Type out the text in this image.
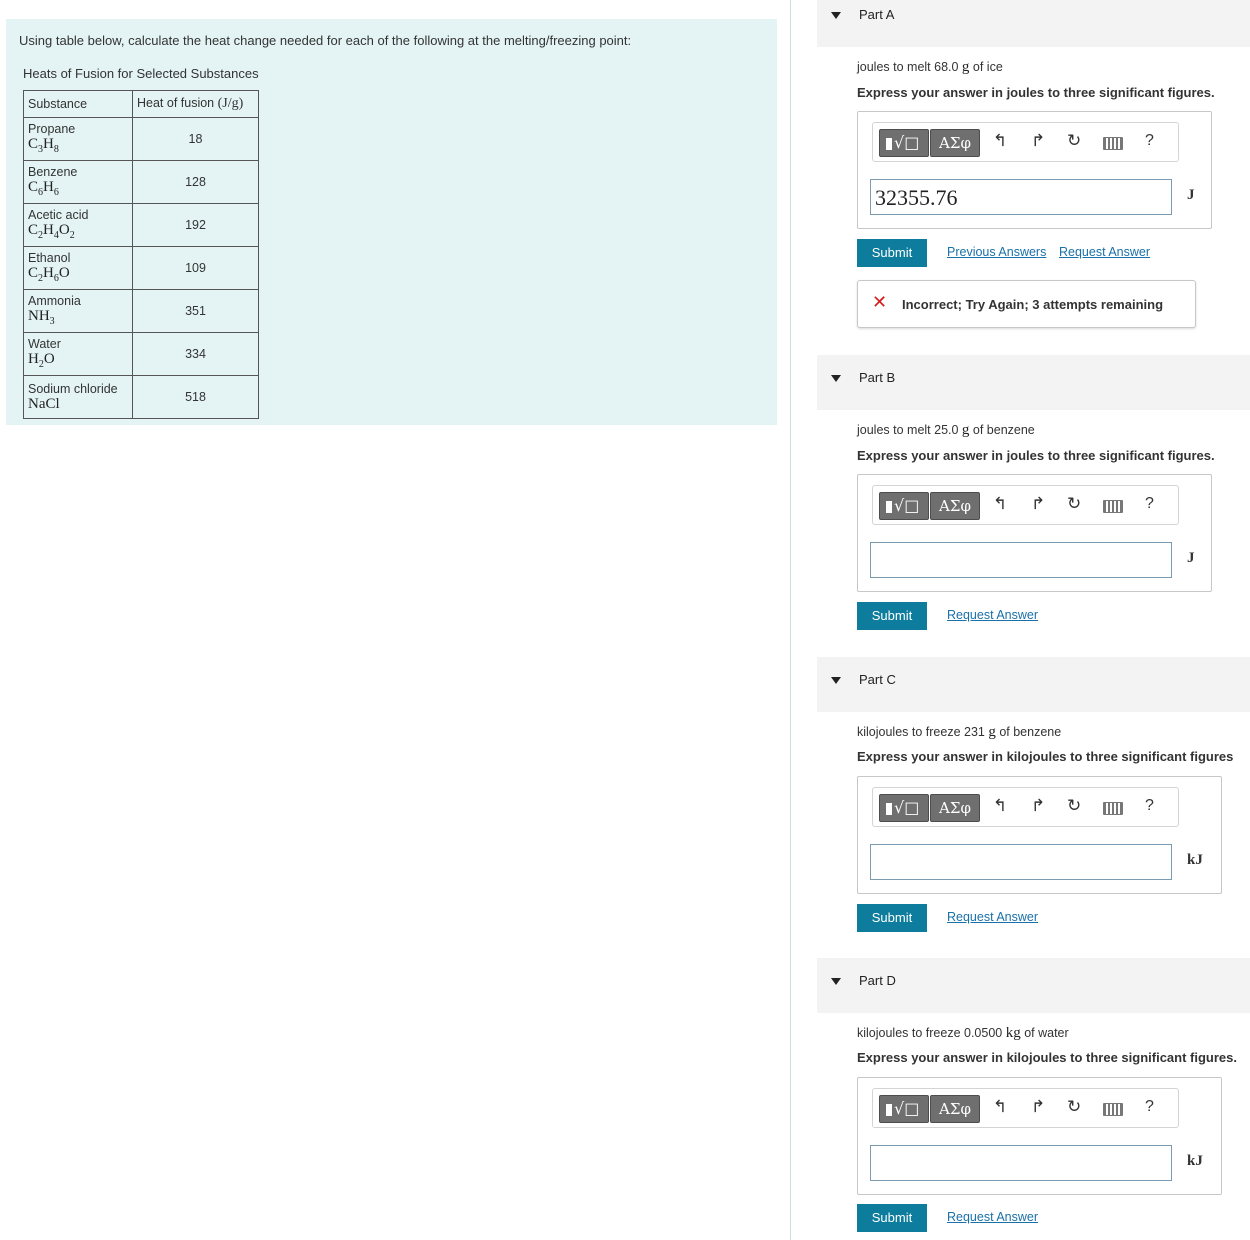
Using table below, calculate the heat change needed for each of the following at the melting/freezing point:
Heats of Fusion for Selected Substances
Substance	Heat of fusion (J/g)
Propane
$C_3H_8$	18
Benzene
$C_6H_6$	128
Acetic acid
$C_2H_4O_2$	192
Ethanol
$C_2H_6O$	109
Ammonia
$NH_3$	351
Water
$H_2O$	334
Sodium chloride
NaCl	518
Part A
joules to melt 68.0 g of ice
Express your answer in joules to three significant figures.
√□	ΑΣφ	↰ ↱ ↻	?
32355.76	J
Submit	Previous Answers Request Answer
✕ Incorrect; Try Again; 3 attempts remaining
Part B
joules to melt 25.0 g of benzene
Express your answer in joules to three significant figures.
√□	ΑΣφ	↰ ↱ ↻	?
J
Submit	Request Answer
Part C
kilojoules to freeze 231 g of benzene
Express your answer in kilojoules to three significant figures
√□	ΑΣφ	↰ ↱ ↻	?
kJ
Submit	Request Answer
Part D
kilojoules to freeze 0.0500 kg of water
Express your answer in kilojoules to three significant figures.
√□	ΑΣφ	↰ ↱ ↻	?
kJ
Submit	Request Answer
